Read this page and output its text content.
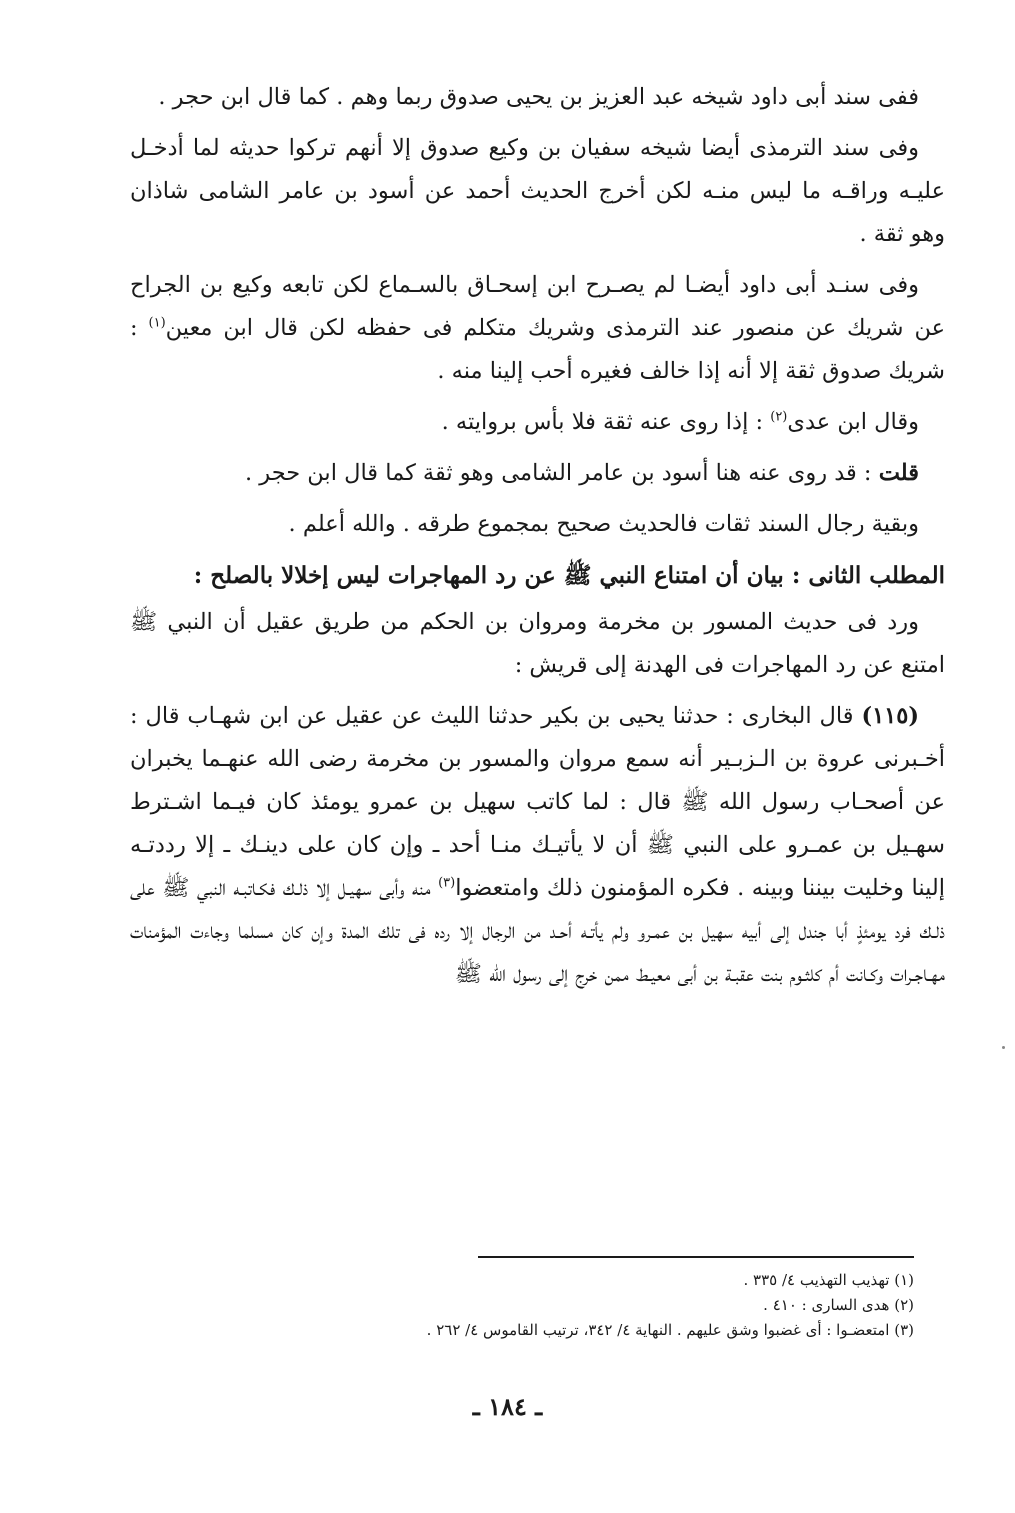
ففى سند أبى داود شيخه عبد العزيز بن يحيى صدوق ربما وهم . كما قال ابن حجر .

وفى سند الترمذى أيضا شيخه سفيان بن وكيع صدوق إلا أنهم تركوا حديثه لما أدخـل عليـه وراقـه ما ليس منـه لكن أخرج الحديث أحمد عن أسود بن عامر الشامى شاذان وهو ثقة .

وفى سنـد أبى داود أيضـا لم يصـرح ابن إسحـاق بالسـماع لكن تابعه وكيع بن الجراح عن شريك عن منصور عند الترمذى وشريك متكلم فى حفظه لكن قال ابن معين$^{(١)}$ : شريك صدوق ثقة إلا أنه إذا خالف فغيره أحب إلينا منه .

وقال ابن عدى$^{(٢)}$ : إذا روى عنه ثقة فلا بأس بروايته .

قلت : قد روى عنه هنا أسود بن عامر الشامى وهو ثقة كما قال ابن حجر .

وبقية رجال السند ثقات فالحديث صحيح بمجموع طرقه . والله أعلم .

المطلب الثانى : بيان أن امتناع النبي ﷺ عن رد المهاجرات ليس إخلالا بالصلح :

ورد فى حديث المسور بن مخرمة ومروان بن الحكم من طريق عقيل أن النبي ﷺ امتنع عن رد المهاجرات فى الهدنة إلى قريش :

(١١٥) قال البخارى : حدثنا يحيى بن بكير حدثنا الليث عن عقيل عن ابن شهـاب قال : أخـبرنى عروة بن الـزبـير أنه سمع مروان والمسور بن مخرمة رضى الله عنهـما يخبران عن أصحـاب رسول الله ﷺ قال : لما كاتب سهيل بن عمرو يومئذ كان فيـما اشـترط سهـيل بن عمـرو على النبي ﷺ أن لا يأتيـك منـا أحد ـ وإن كان على دينـك ـ إلا رددتـه إلينا وخليت بيننا وبينه . فكره المؤمنون ذلك وامتعضوا$^{(٣)}$ منه وأبى سهيـل إلا ذلـك فكـاتبـه النبي ﷺ على ذلـك فرد يومئذٍ أبا جندل إلى أبيه سهيل بن عمـرو ولم يأتـه أحـد من الرجال إلا رده فى تلك المدة وإن كان مسلما وجاءت المؤمنات مهـاجـرات وكـانت أم كلثـوم بنت عقبـة بن أبى معيـط ممن خرج إلى رسول الله ﷺ

(١) تهذيب التهذيب ٤/ ٣٣٥ .

(٢) هدى السارى : ٤١٠ .

(٣) امتعضـوا : أى غضبوا وشق عليهم . النهاية ٤/ ٣٤٢، ترتيب القاموس ٤/ ٢٦٢ .

ـ ١٨٤ ـ
